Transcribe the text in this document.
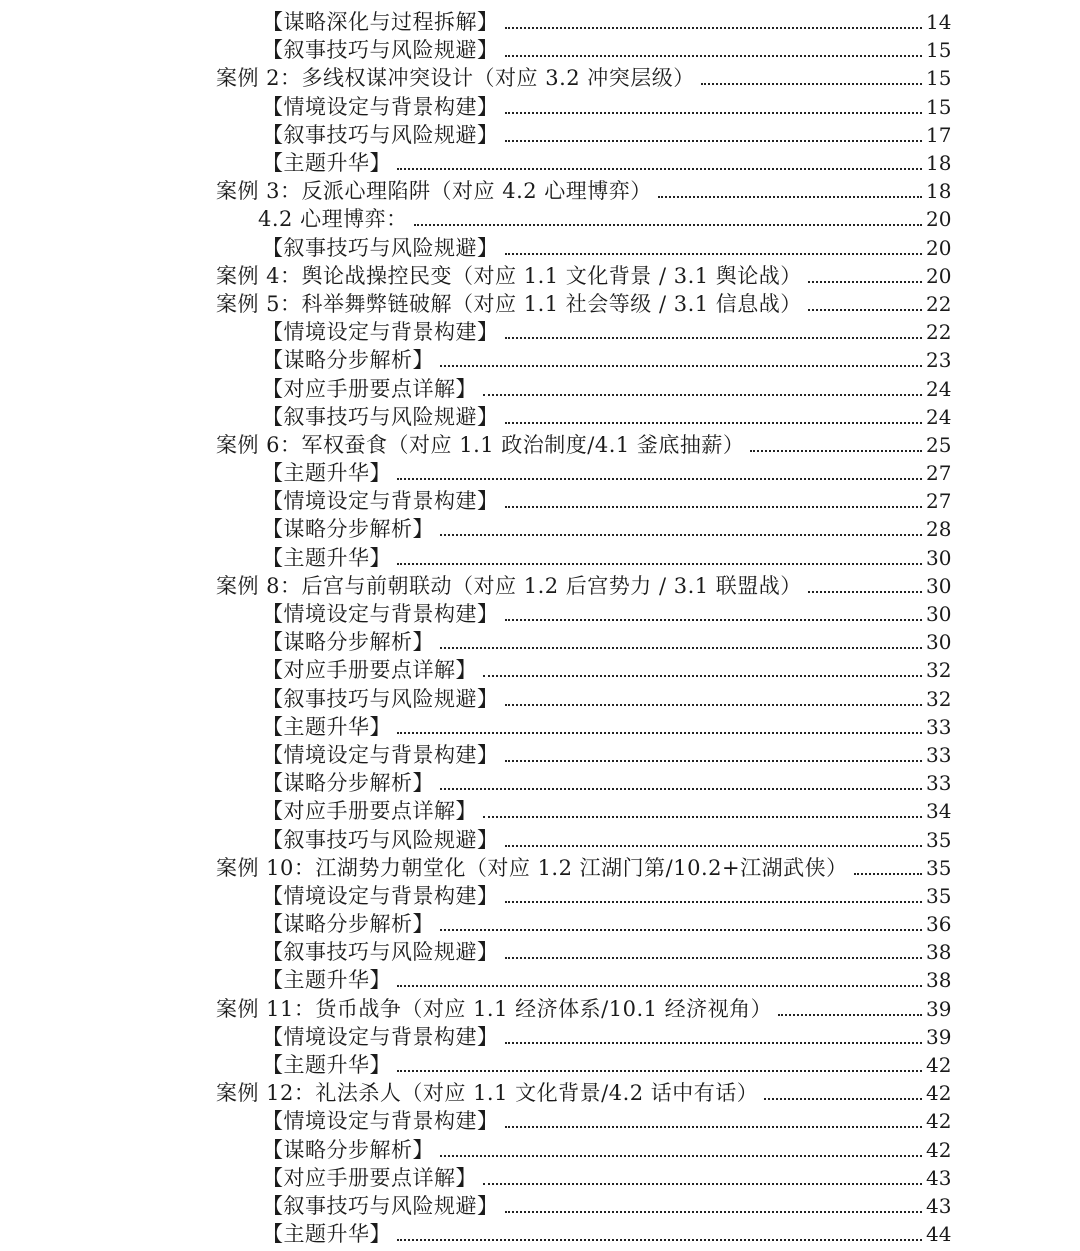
【谋略深化与过程拆解】	14
【叙事技巧与风险规避】	15
案例 2：多线权谋冲突设计（对应 3.2 冲突层级）	15
【情境设定与背景构建】	15
【叙事技巧与风险规避】	17
【主题升华】	18
案例 3：反派心理陷阱（对应 4.2 心理博弈）	18
4.2 心理博弈：	20
【叙事技巧与风险规避】	20
案例 4：舆论战操控民变（对应 1.1 文化背景 / 3.1 舆论战）	20
案例 5：科举舞弊链破解（对应 1.1 社会等级 / 3.1 信息战）	22
【情境设定与背景构建】	22
【谋略分步解析】	23
【对应手册要点详解】	24
【叙事技巧与风险规避】	24
案例 6：军权蚕食（对应 1.1 政治制度/4.1 釜底抽薪）	25
【主题升华】	27
【情境设定与背景构建】	27
【谋略分步解析】	28
【主题升华】	30
案例 8：后宫与前朝联动（对应 1.2 后宫势力 / 3.1 联盟战）	30
【情境设定与背景构建】	30
【谋略分步解析】	30
【对应手册要点详解】	32
【叙事技巧与风险规避】	32
【主题升华】	33
【情境设定与背景构建】	33
【谋略分步解析】	33
【对应手册要点详解】	34
【叙事技巧与风险规避】	35
案例 10：江湖势力朝堂化（对应 1.2 江湖门第/10.2+江湖武侠）	35
【情境设定与背景构建】	35
【谋略分步解析】	36
【叙事技巧与风险规避】	38
【主题升华】	38
案例 11：货币战争（对应 1.1 经济体系/10.1 经济视角）	39
【情境设定与背景构建】	39
【主题升华】	42
案例 12：礼法杀人（对应 1.1 文化背景/4.2 话中有话）	42
【情境设定与背景构建】	42
【谋略分步解析】	42
【对应手册要点详解】	43
【叙事技巧与风险规避】	43
【主题升华】	44
